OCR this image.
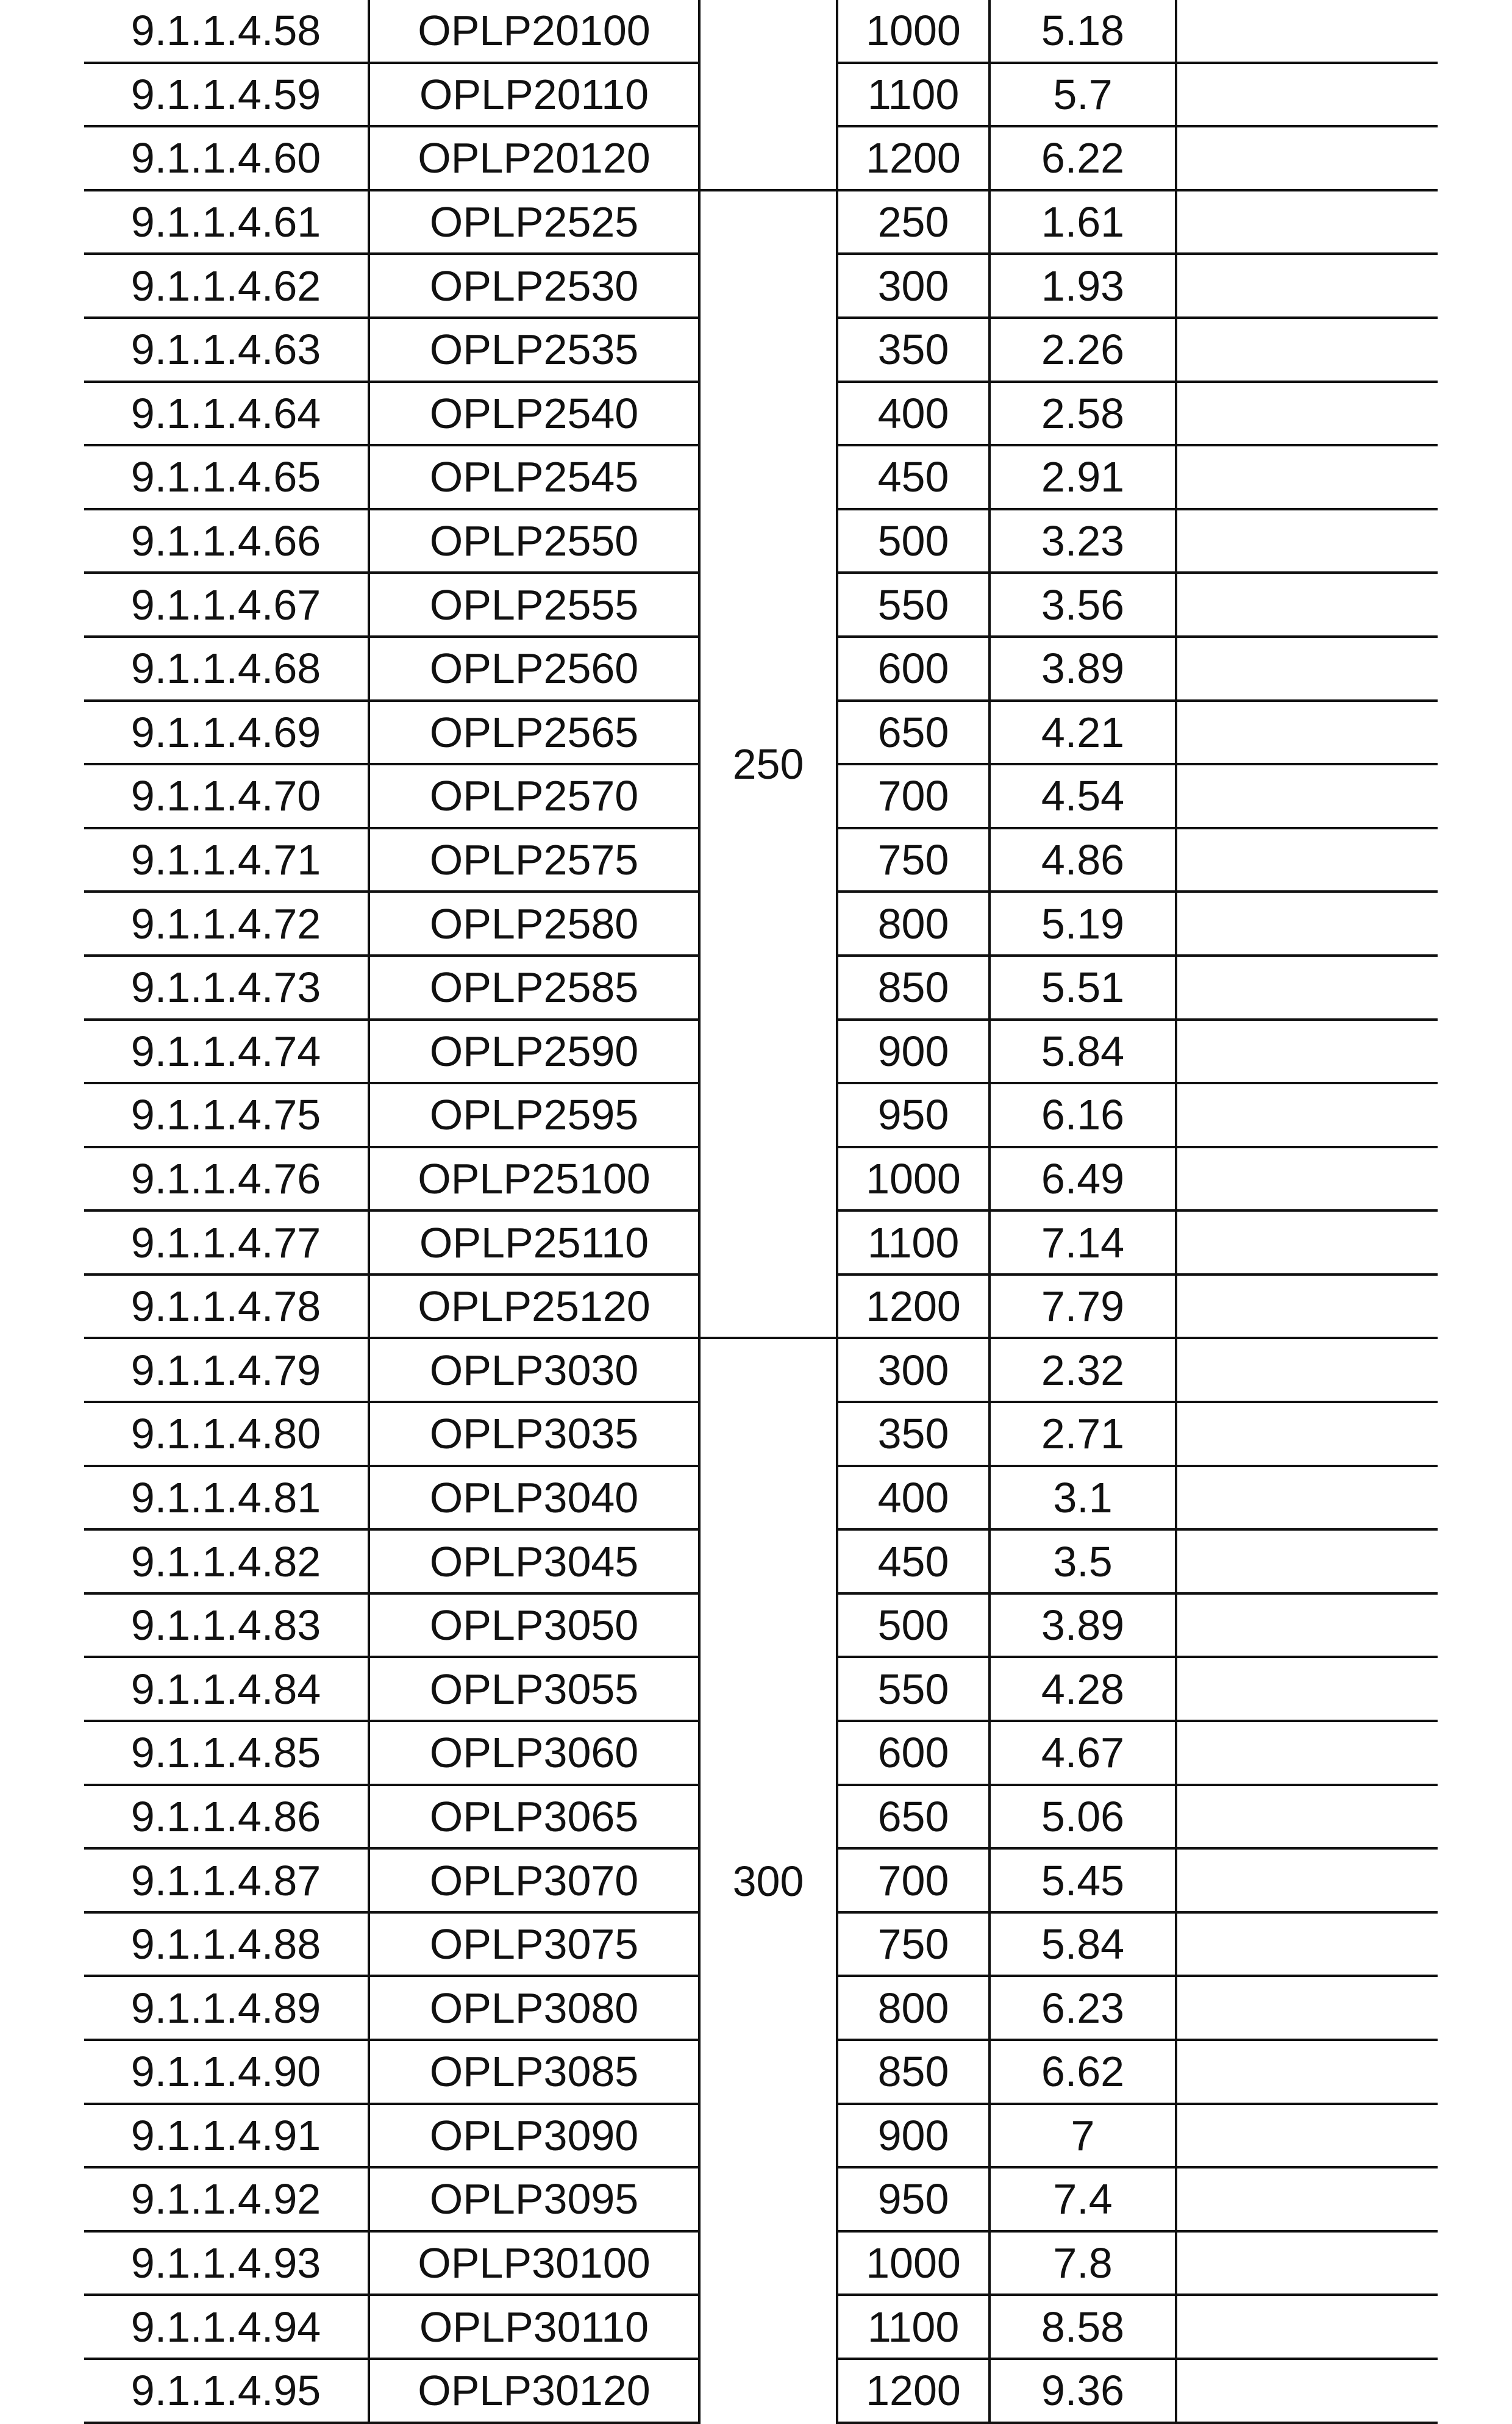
9.1.1.4.58	OPLP20100		1000	5.18	
9.1.1.4.59	OPLP20110		1100	5.7	
9.1.1.4.60	OPLP20120		1200	6.22	
9.1.1.4.61	OPLP2525	250	250	1.61	
9.1.1.4.62	OPLP2530		300	1.93	
9.1.1.4.63	OPLP2535		350	2.26	
9.1.1.4.64	OPLP2540		400	2.58	
9.1.1.4.65	OPLP2545		450	2.91	
9.1.1.4.66	OPLP2550		500	3.23	
9.1.1.4.67	OPLP2555		550	3.56	
9.1.1.4.68	OPLP2560		600	3.89	
9.1.1.4.69	OPLP2565		650	4.21	
9.1.1.4.70	OPLP2570		700	4.54	
9.1.1.4.71	OPLP2575		750	4.86	
9.1.1.4.72	OPLP2580		800	5.19	
9.1.1.4.73	OPLP2585		850	5.51	
9.1.1.4.74	OPLP2590		900	5.84	
9.1.1.4.75	OPLP2595		950	6.16	
9.1.1.4.76	OPLP25100		1000	6.49	
9.1.1.4.77	OPLP25110		1100	7.14	
9.1.1.4.78	OPLP25120		1200	7.79	
9.1.1.4.79	OPLP3030	300	300	2.32	
9.1.1.4.80	OPLP3035		350	2.71	
9.1.1.4.81	OPLP3040		400	3.1	
9.1.1.4.82	OPLP3045		450	3.5	
9.1.1.4.83	OPLP3050		500	3.89	
9.1.1.4.84	OPLP3055		550	4.28	
9.1.1.4.85	OPLP3060		600	4.67	
9.1.1.4.86	OPLP3065		650	5.06	
9.1.1.4.87	OPLP3070		700	5.45	
9.1.1.4.88	OPLP3075		750	5.84	
9.1.1.4.89	OPLP3080		800	6.23	
9.1.1.4.90	OPLP3085		850	6.62	
9.1.1.4.91	OPLP3090		900	7	
9.1.1.4.92	OPLP3095		950	7.4	
9.1.1.4.93	OPLP30100		1000	7.8	
9.1.1.4.94	OPLP30110		1100	8.58	
9.1.1.4.95	OPLP30120		1200	9.36	
